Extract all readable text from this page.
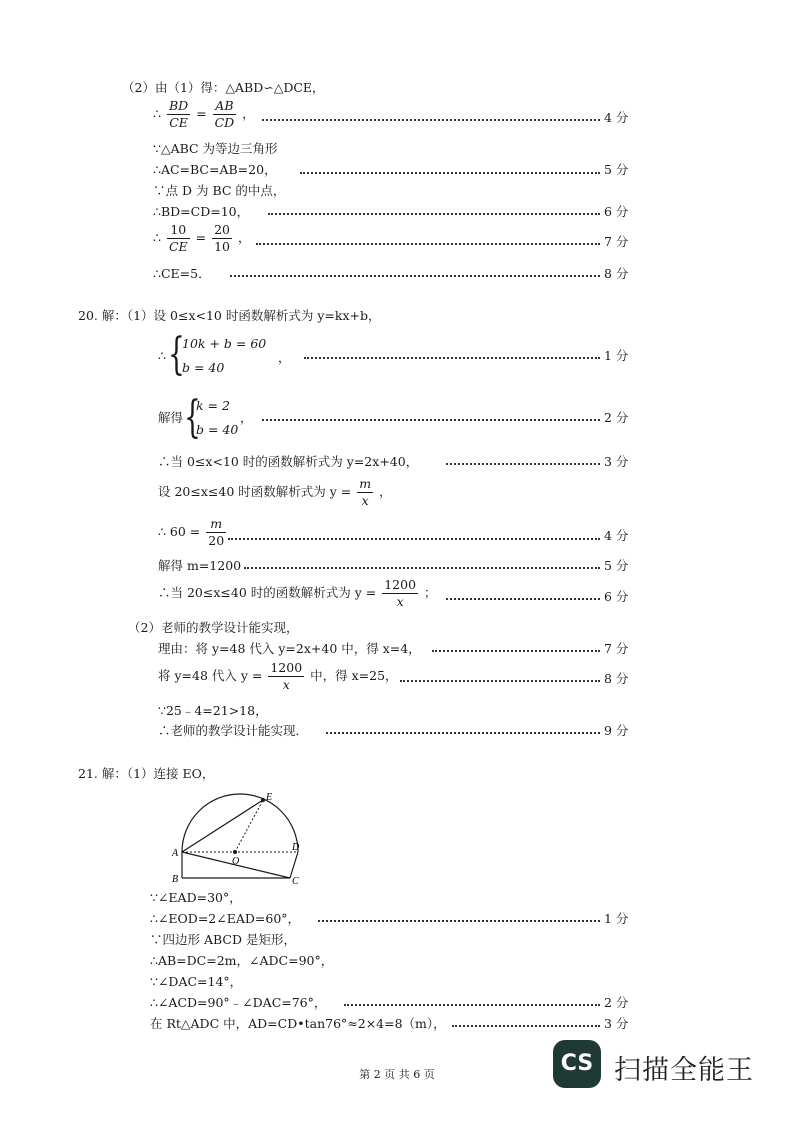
（2）由（1）得：△ABD∽△DCE，
∴ $\frac{BD}{CE} = \frac{AB}{CD}$ ，	4 分
∵△ABC 为等边三角形
∴AC=BC=AB=20，	5 分
∵点 D 为 BC 的中点，
∴BD=CD=10，	6 分
∴ $\frac{10}{CE} = \frac{20}{10}$ ，	7 分
∴CE=5．	8 分
20. 解：（1）设 0≤x<10 时函数解析式为 y=kx+b，
∴ {
10k + b = 60
b = 40
，	1 分
解得 {
k = 2
b = 40
，	2 分
∴当 0≤x<10 时的函数解析式为 y=2x+40，	3 分
设 20≤x≤40 时函数解析式为 $y = \frac{m}{x}$ ，
∴ $60 = \frac{m}{20}$	4 分
解得 m=1200	5 分
∴当 20≤x≤40 时的函数解析式为 $y = \frac{1200}{x}$ ；	6 分
（2）老师的教学设计能实现，
理由：将 y=48 代入 y=2x+40 中，得 x=4，	7 分
将 y=48 代入 $y = \frac{1200}{x}$ 中，得 x=25，	8 分
∵25﹣4=21>18，
∴老师的教学设计能实现．	9 分
21. 解：（1）连接 EO，
E
A
O
D
B	C
∵∠EAD=30°，
∴∠EOD=2∠EAD=60°，	1 分
∵四边形 ABCD 是矩形，
∴AB=DC=2m，∠ADC=90°，
∵∠DAC=14°，
∴∠ACD=90°﹣∠DAC=76°，	2 分
在 Rt△ADC 中，AD=CD•tan76°≈2×4=8（m），	3 分
第 2 页 共 6 页	CS 扫描全能王
